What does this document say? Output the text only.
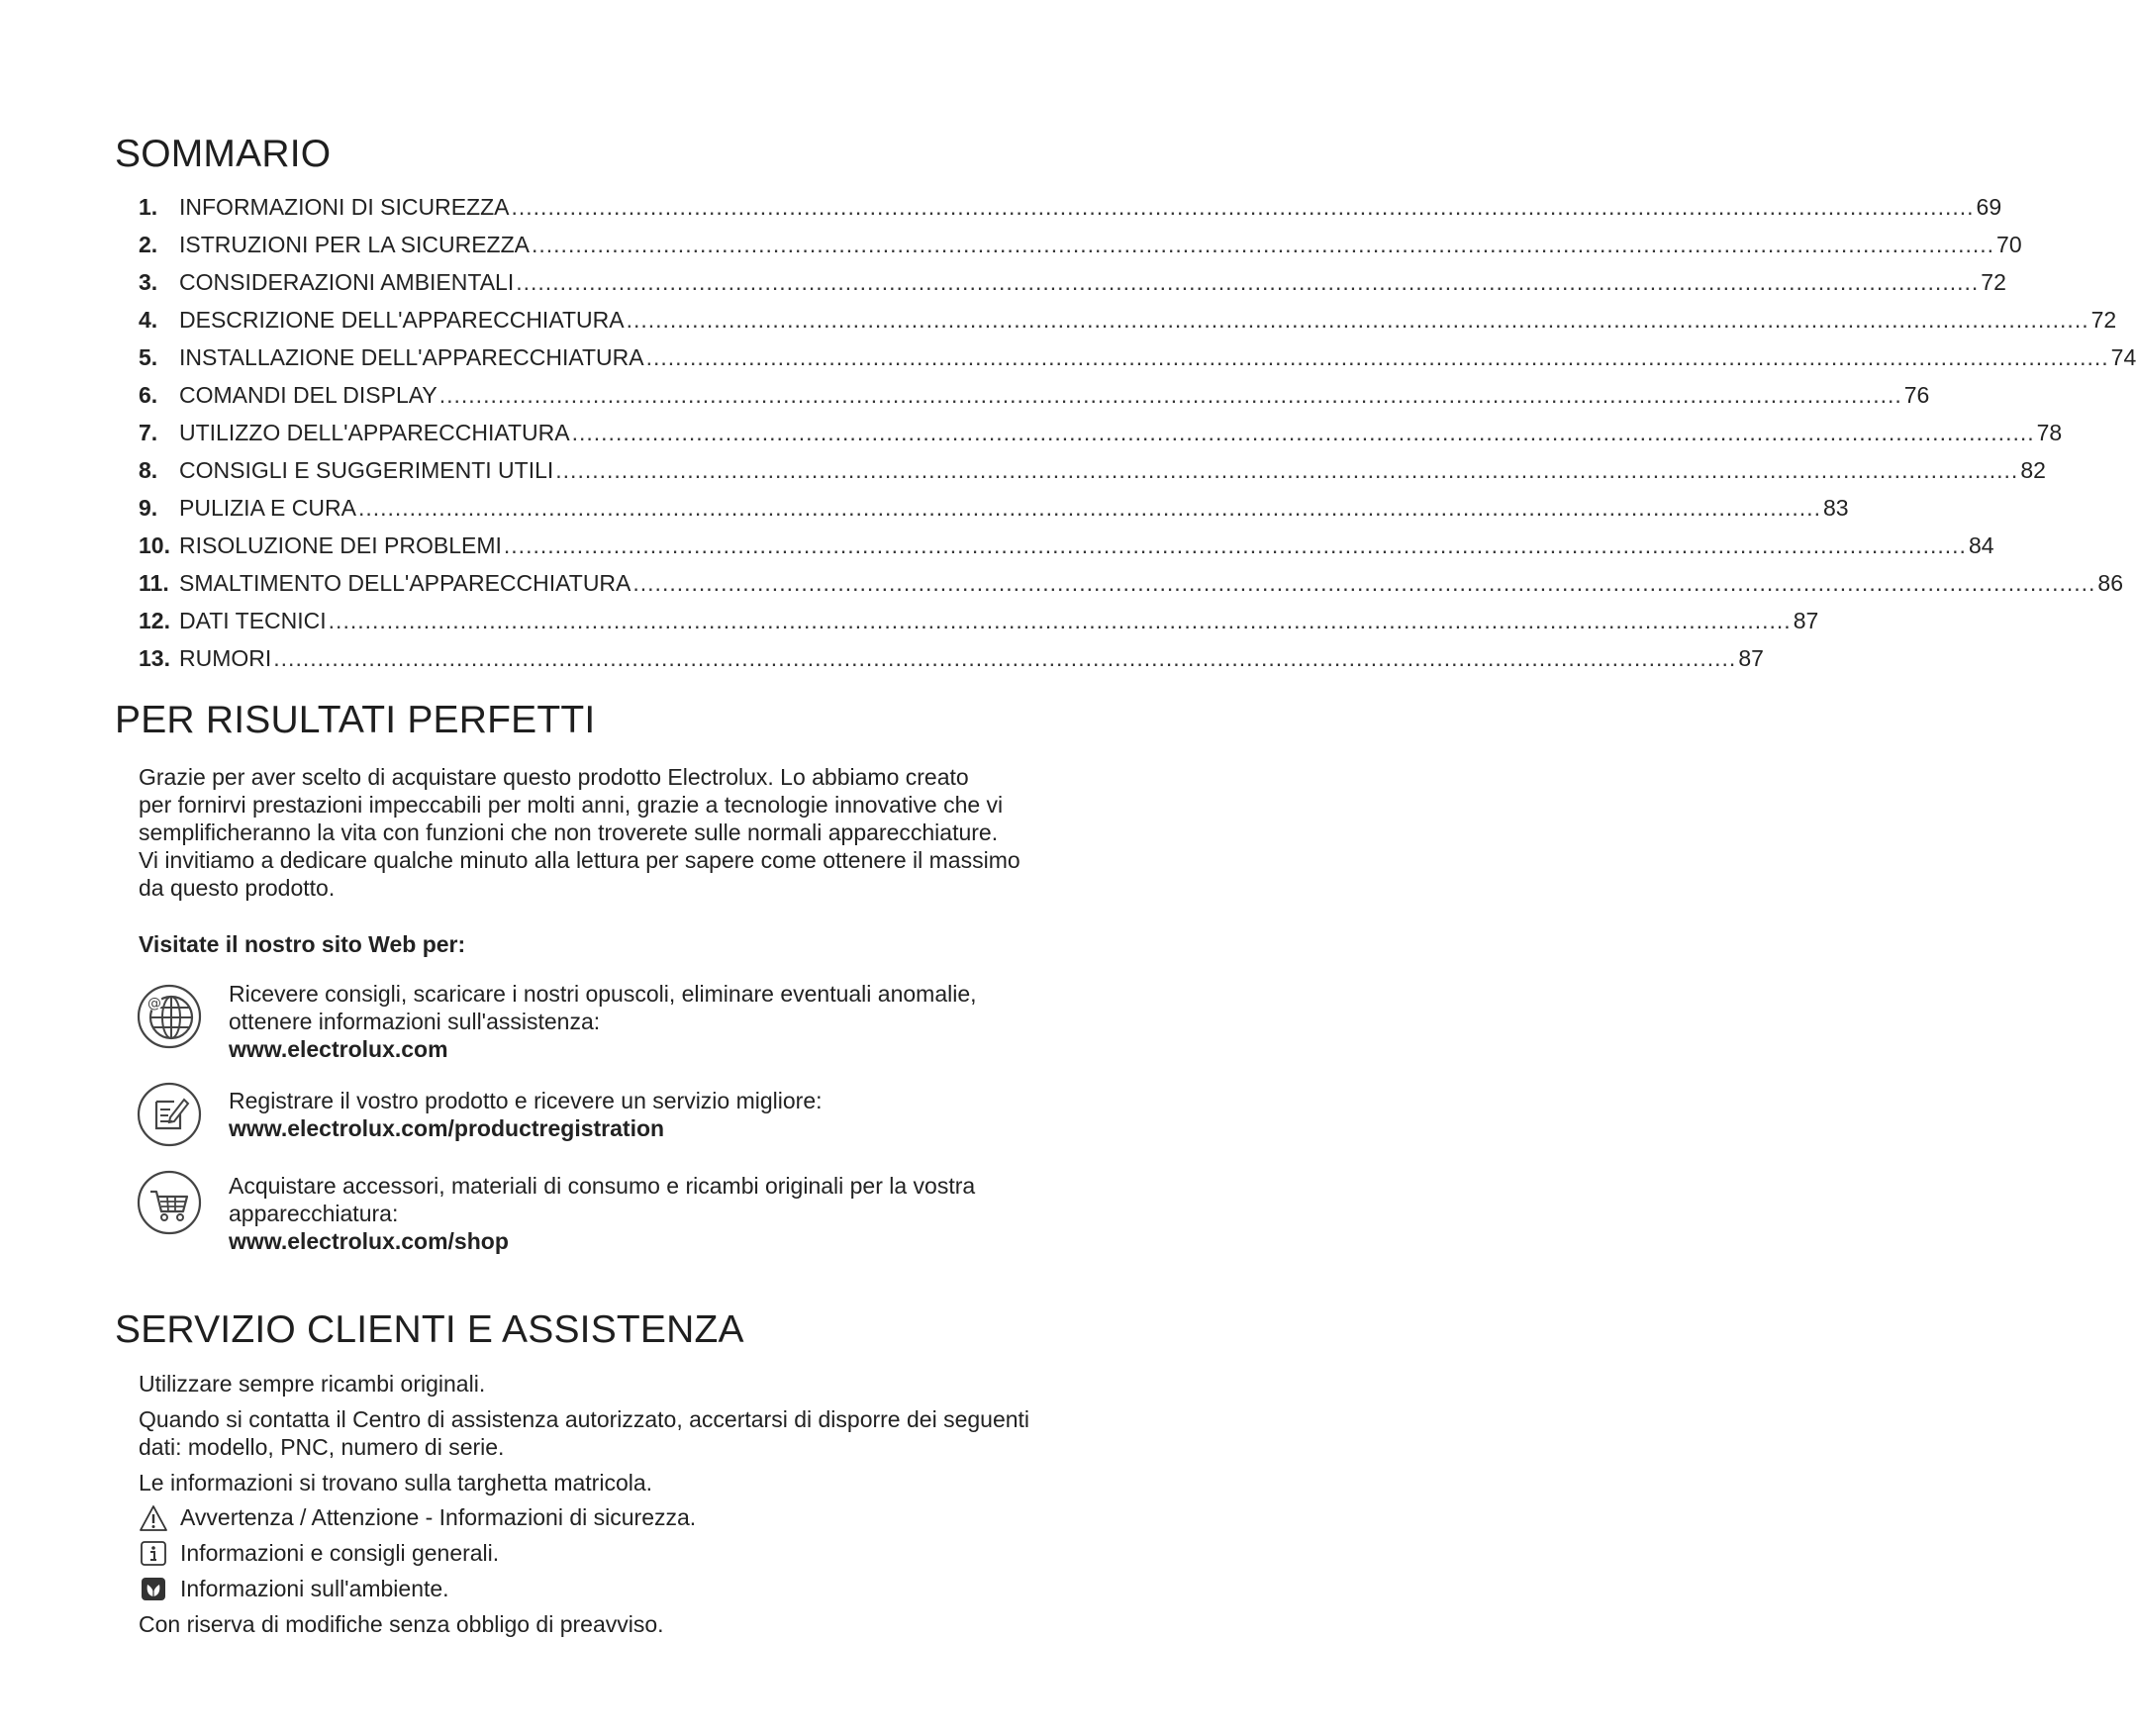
SOMMARIO
1. INFORMAZIONI DI SICUREZZA ........................................................................................................................................................................................................ 69
2. ISTRUZIONI PER LA SICUREZZA ........................................................................................................................................................................................................ 70
3. CONSIDERAZIONI AMBIENTALI ........................................................................................................................................................................................................ 72
4. DESCRIZIONE DELL'APPARECCHIATURA ........................................................................................................................................................................................................ 72
5. INSTALLAZIONE DELL'APPARECCHIATURA ........................................................................................................................................................................................................ 74
6. COMANDI DEL DISPLAY ........................................................................................................................................................................................................ 76
7. UTILIZZO DELL'APPARECCHIATURA ........................................................................................................................................................................................................ 78
8. CONSIGLI E SUGGERIMENTI UTILI ........................................................................................................................................................................................................ 82
9. PULIZIA E CURA ........................................................................................................................................................................................................ 83
10. RISOLUZIONE DEI PROBLEMI ........................................................................................................................................................................................................ 84
11. SMALTIMENTO DELL'APPARECCHIATURA ........................................................................................................................................................................................................ 86
12. DATI TECNICI ........................................................................................................................................................................................................ 87
13. RUMORI ........................................................................................................................................................................................................ 87
PER RISULTATI PERFETTI
Grazie per aver scelto di acquistare questo prodotto Electrolux. Lo abbiamo creato
per fornirvi prestazioni impeccabili per molti anni, grazie a tecnologie innovative che vi
semplificheranno la vita con funzioni che non troverete sulle normali apparecchiature.
Vi invitiamo a dedicare qualche minuto alla lettura per sapere come ottenere il massimo
da questo prodotto.
Visitate il nostro sito Web per:
@	Ricevere consigli, scaricare i nostri opuscoli, eliminare eventuali anomalie,
ottenere informazioni sull'assistenza:
www.electrolux.com
Registrare il vostro prodotto e ricevere un servizio migliore:
www.electrolux.com/productregistration
Acquistare accessori, materiali di consumo e ricambi originali per la vostra
apparecchiatura:
www.electrolux.com/shop
SERVIZIO CLIENTI E ASSISTENZA

Utilizzare sempre ricambi originali.

Quando si contatta il Centro di assistenza autorizzato, accertarsi di disporre dei seguenti
dati: modello, PNC, numero di serie.

Le informazioni si trovano sulla targhetta matricola.

Avvertenza / Attenzione - Informazioni di sicurezza.
Informazioni e consigli generali.
Informazioni sull'ambiente.

Con riserva di modifiche senza obbligo di preavviso.
